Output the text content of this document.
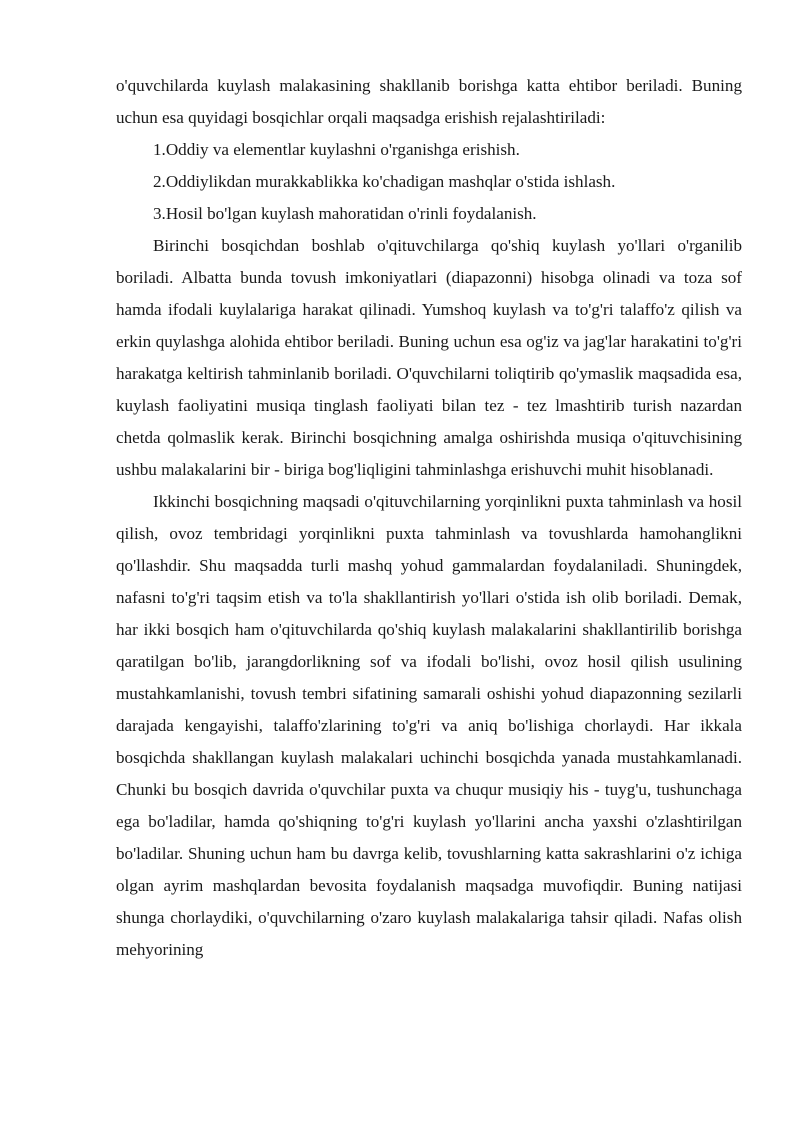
o'quvchilarda kuylash malakasining shakllanib borishga katta ehtibor beriladi. Buning uchun esa quyidagi bosqichlar orqali maqsadga erishish rejalashtiriladi:

1.Oddiy va elementlar kuylashni o'rganishga erishish.

2.Oddiylikdan murakkablikka ko'chadigan mashqlar o'stida ishlash.

3.Hosil bo'lgan kuylash mahoratidan o'rinli foydalanish.

Birinchi bosqichdan boshlab o'qituvchilarga qo'shiq kuylash yo'llari o'rganilib boriladi. Albatta bunda tovush imkoniyatlari (diapazonni) hisobga olinadi va toza sof hamda ifodali kuylalariga harakat qilinadi. Yumshoq kuylash va to'g'ri talaffo'z qilish va erkin quylashga alohida ehtibor beriladi. Buning uchun esa og'iz va jag'lar harakatini to'g'ri harakatga keltirish tahminlanib boriladi. O'quvchilarni toliqtirib qo'ymaslik maqsadida esa, kuylash faoliyatini musiqa tinglash faoliyati bilan tez - tez lmashtirib turish nazardan chetda qolmaslik kerak. Birinchi bosqichning amalga oshirishda musiqa o'qituvchisining ushbu malakalarini bir - biriga bog'liqligini tahminlashga erishuvchi muhit hisoblanadi.

Ikkinchi bosqichning maqsadi o'qituvchilarning yorqinlikni puxta tahminlash va hosil qilish, ovoz tembridagi yorqinlikni puxta tahminlash va tovushlarda hamohanglikni qo'llashdir. Shu maqsadda turli mashq yohud gammalardan foydalaniladi. Shuningdek, nafasni to'g'ri taqsim etish va to'la shakllantirish yo'llari o'stida ish olib boriladi. Demak, har ikki bosqich ham o'qituvchilarda qo'shiq kuylash malakalarini shakllantirilib borishga qaratilgan bo'lib, jarangdorlikning sof va ifodali bo'lishi, ovoz hosil qilish usulining mustahkamlanishi, tovush tembri sifatining samarali oshishi yohud diapazonning sezilarli darajada kengayishi, talaffo'zlarining to'g'ri va aniq bo'lishiga chorlaydi. Har ikkala bosqichda shakllangan kuylash malakalari uchinchi bosqichda yanada mustahkamlanadi. Chunki bu bosqich davrida o'quvchilar puxta va chuqur musiqiy his - tuyg'u, tushunchaga ega bo'ladilar, hamda qo'shiqning to'g'ri kuylash yo'llarini ancha yaxshi o'zlashtirilgan bo'ladilar. Shuning uchun ham bu davrga kelib, tovushlarning katta sakrashlarini o'z ichiga olgan ayrim mashqlardan bevosita foydalanish maqsadga muvofiqdir. Buning natijasi shunga chorlaydiki, o'quvchilarning o'zaro kuylash malakalariga tahsir qiladi. Nafas olish mehyorining
